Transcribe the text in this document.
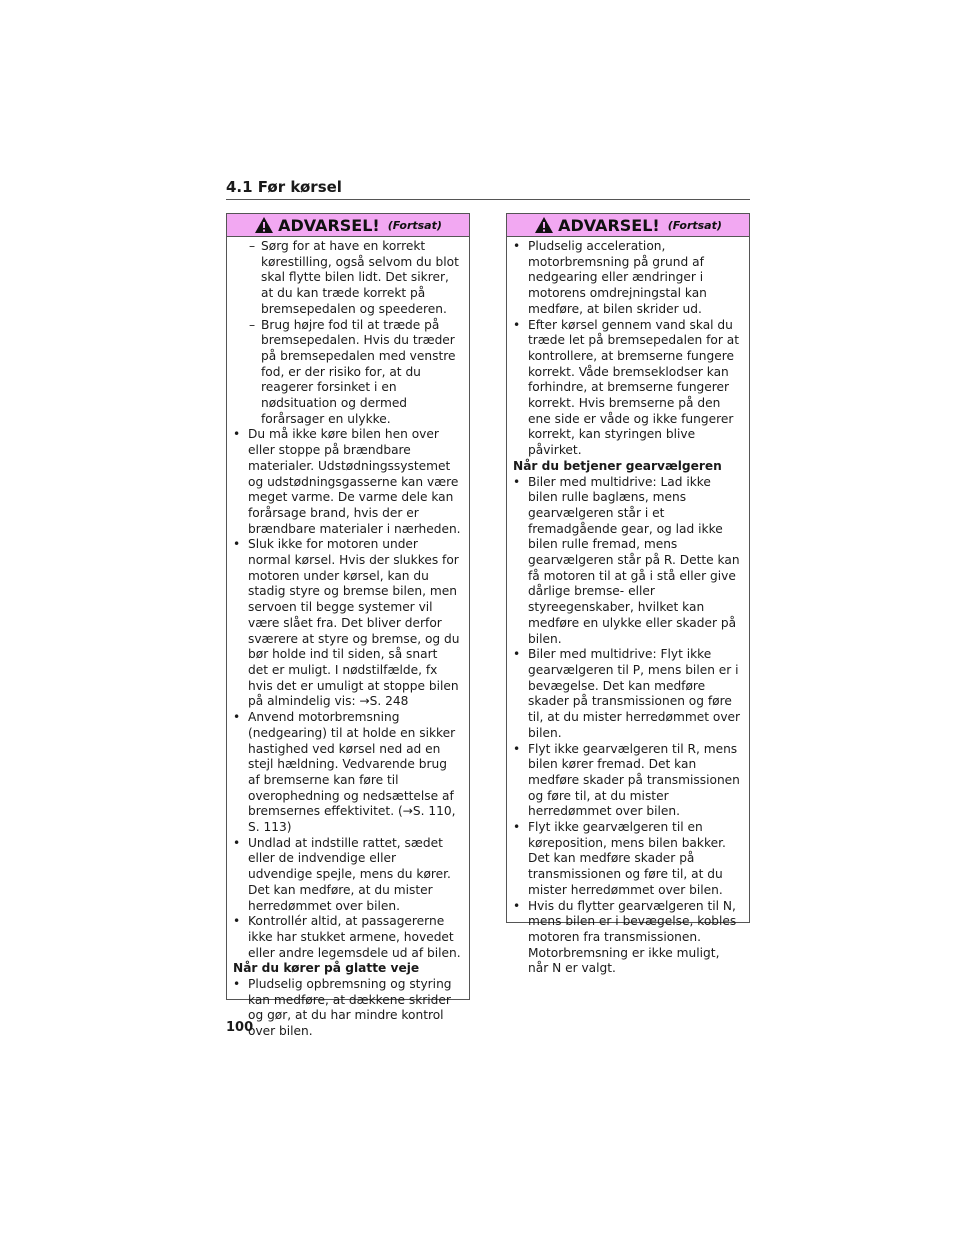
4.1 Før kørsel
ADVARSEL! (Fortsat)
– Sørg for at have en korrekt kørestilling, også selvom du blot skal flytte bilen lidt. Det sikrer, at du kan træde korrekt på bremsepedalen og speederen.
– Brug højre fod til at træde på bremsepedalen. Hvis du træder på bremsepedalen med venstre fod, er der risiko for, at du reagerer forsinket i en nødsituation og dermed forårsager en ulykke.
• Du må ikke køre bilen hen over eller stoppe på brændbare materialer. Udstødningssystemet og udstødningsgasserne kan være meget varme. De varme dele kan forårsage brand, hvis der er brændbare materialer i nærheden.
• Sluk ikke for motoren under normal kørsel. Hvis der slukkes for motoren under kørsel, kan du stadig styre og bremse bilen, men servoen til begge systemer vil være slået fra. Det bliver derfor sværere at styre og bremse, og du bør holde ind til siden, så snart det er muligt. I nødstilfælde, fx hvis det er umuligt at stoppe bilen på almindelig vis: →S. 248
• Anvend motorbremsning (nedgearing) til at holde en sikker hastighed ved kørsel ned ad en stejl hældning. Vedvarende brug af bremserne kan føre til overophedning og nedsættelse af bremsernes effektivitet. (→S. 110, S. 113)
• Undlad at indstille rattet, sædet eller de indvendige eller udvendige spejle, mens du kører. Det kan medføre, at du mister herredømmet over bilen.
• Kontrollér altid, at passagererne ikke har stukket armene, hovedet eller andre legemsdele ud af bilen.
Når du kører på glatte veje
• Pludselig opbremsning og styring kan medføre, at dækkene skrider og gør, at du har mindre kontrol over bilen.
ADVARSEL! (Fortsat)
• Pludselig acceleration, motorbremsning på grund af nedgearing eller ændringer i motorens omdrejningstal kan medføre, at bilen skrider ud.
• Efter kørsel gennem vand skal du træde let på bremsepedalen for at kontrollere, at bremserne fungere korrekt. Våde bremseklodser kan forhindre, at bremserne fungerer korrekt. Hvis bremserne på den ene side er våde og ikke fungerer korrekt, kan styringen blive påvirket.
Når du betjener gearvælgeren
• Biler med multidrive: Lad ikke bilen rulle baglæns, mens gearvælgeren står i et fremadgående gear, og lad ikke bilen rulle fremad, mens gearvælgeren står på R. Dette kan få motoren til at gå i stå eller give dårlige bremse- eller styreegenskaber, hvilket kan medføre en ulykke eller skader på bilen.
• Biler med multidrive: Flyt ikke gearvælgeren til P, mens bilen er i bevægelse. Det kan medføre skader på transmissionen og føre til, at du mister herredømmet over bilen.
• Flyt ikke gearvælgeren til R, mens bilen kører fremad. Det kan medføre skader på transmissionen og føre til, at du mister herredømmet over bilen.
• Flyt ikke gearvælgeren til en køreposition, mens bilen bakker. Det kan medføre skader på transmissionen og føre til, at du mister herredømmet over bilen.
• Hvis du flytter gearvælgeren til N, mens bilen er i bevægelse, kobles motoren fra transmissionen. Motorbremsning er ikke muligt, når N er valgt.
100
